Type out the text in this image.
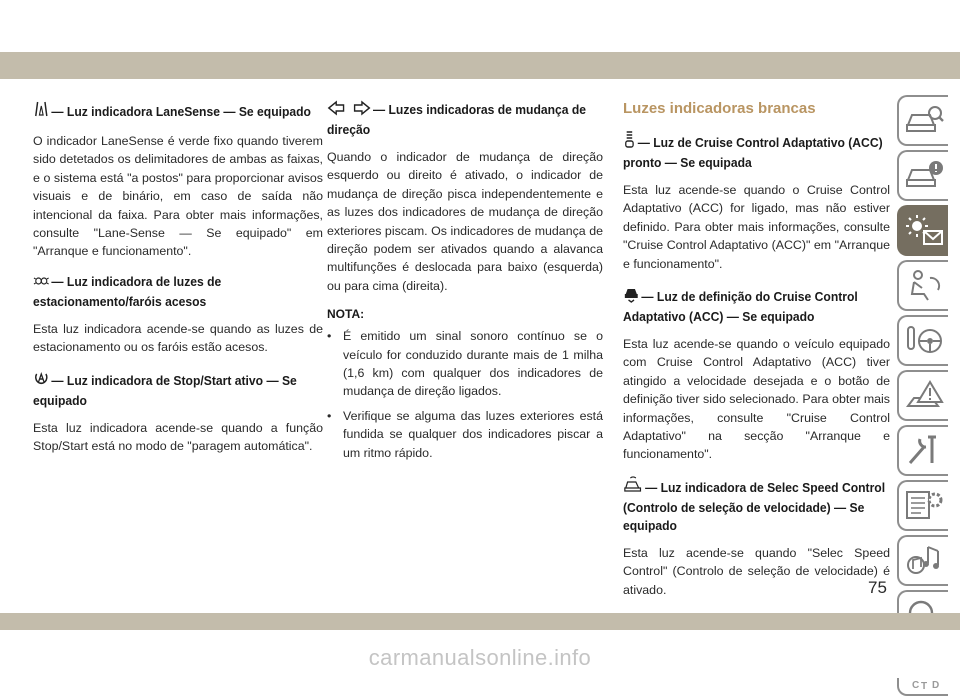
— Luz indicadora LaneSense — Se equipado

O indicador LaneSense é verde fixo quando tiverem sido detetados os delimitadores de ambas as faixas, e o sistema está "a postos" para proporcionar avisos visuais e de binário, em caso de saída não intencional da faixa. Para obter mais informações, consulte "Lane-Sense — Se equipado" em "Arranque e funcionamento".

— Luz indicadora de luzes de estacionamento/faróis acesos

Esta luz indicadora acende-se quando as luzes de estacionamento ou os faróis estão acesos.

— Luz indicadora de Stop/Start ativo — Se equipado

Esta luz indicadora acende-se quando a função Stop/Start está no modo de "paragem automática".

— Luzes indicadoras de mudança de direção

Quando o indicador de mudança de direção esquerdo ou direito é ativado, o indicador de mudança de direção pisca independentemente e as luzes dos indicadores de mudança de direção exteriores piscam. Os indicadores de mudança de direção podem ser ativados quando a alavanca multifunções é deslocada para baixo (esquerda) ou para cima (direita).

NOTA:
• É emitido um sinal sonoro contínuo se o veículo for conduzido durante mais de 1 milha (1,6 km) com qualquer dos indicadores de mudança de direção ligados.
• Verifique se alguma das luzes exteriores está fundida se qualquer dos indicadores piscar a um ritmo rápido.
Luzes indicadoras brancas
— Luz de Cruise Control Adaptativo (ACC) pronto — Se equipada

Esta luz acende-se quando o Cruise Control Adaptativo (ACC) for ligado, mas não estiver definido. Para obter mais informações, consulte "Cruise Control Adaptativo (ACC)" em "Arranque e funcionamento".

— Luz de definição do Cruise Control Adaptativo (ACC) — Se equipado

Esta luz acende-se quando o veículo equipado com Cruise Control Adaptativo (ACC) tiver atingido a velocidade desejada e o botão de definição tiver sido selecionado. Para obter mais informações, consulte "Cruise Control Adaptativo" na secção "Arranque e funcionamento".

— Luz indicadora de Selec Speed Control (Controlo de seleção de velocidade) — Se equipado

Esta luz acende-se quando "Selec Speed Control" (Controlo de seleção de velocidade) é ativado.

C D
T
75
carmanualsonline.info
